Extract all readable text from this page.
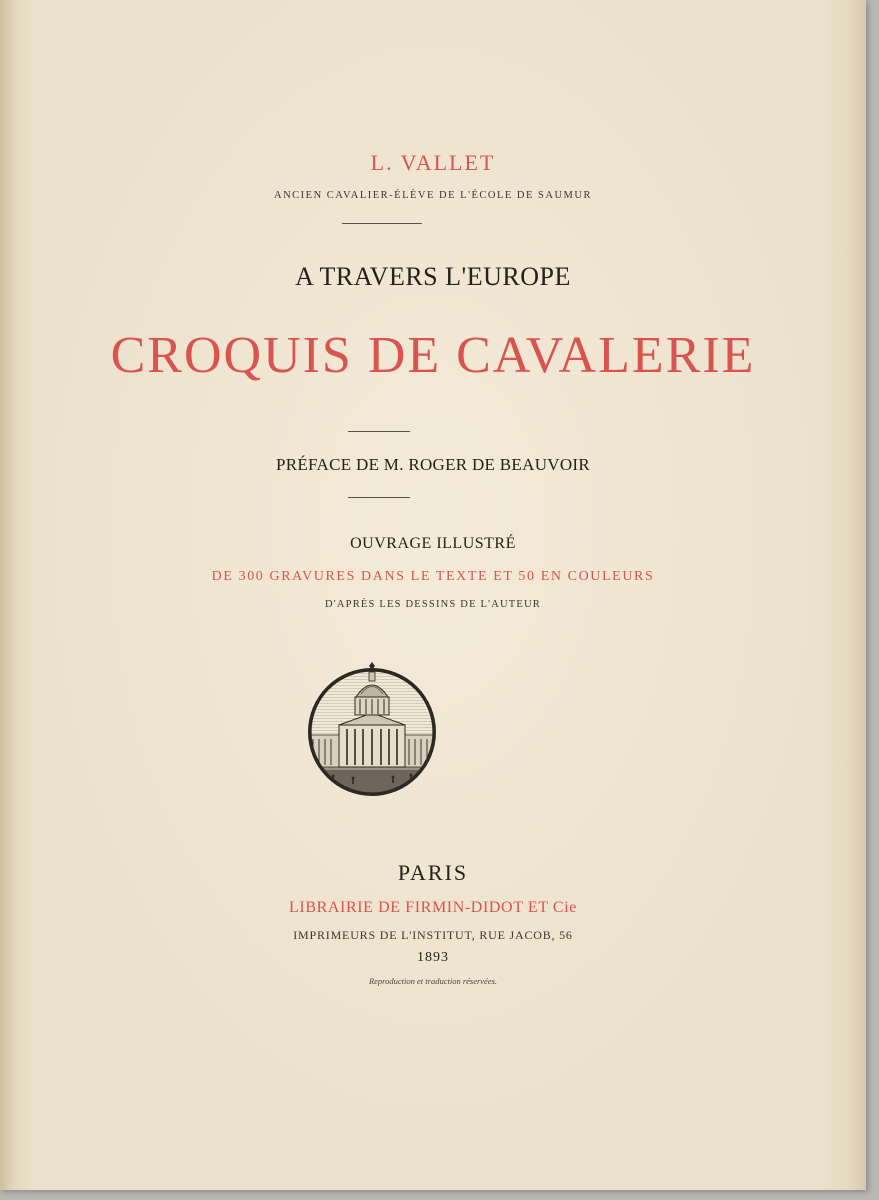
L. VALLET
ANCIEN CAVALIER-ÉLÈVE DE L'ÉCOLE DE SAUMUR
A TRAVERS L'EUROPE
CROQUIS DE CAVALERIE
PRÉFACE DE M. ROGER DE BEAUVOIR
OUVRAGE ILLUSTRÉ
DE 300 GRAVURES DANS LE TEXTE ET 50 EN COULEURS
D'APRÈS LES DESSINS DE L'AUTEUR
PARIS
LIBRAIRIE DE FIRMIN-DIDOT ET Cie
IMPRIMEURS DE L'INSTITUT, RUE JACOB, 56
1893
Reproduction et traduction réservées.
